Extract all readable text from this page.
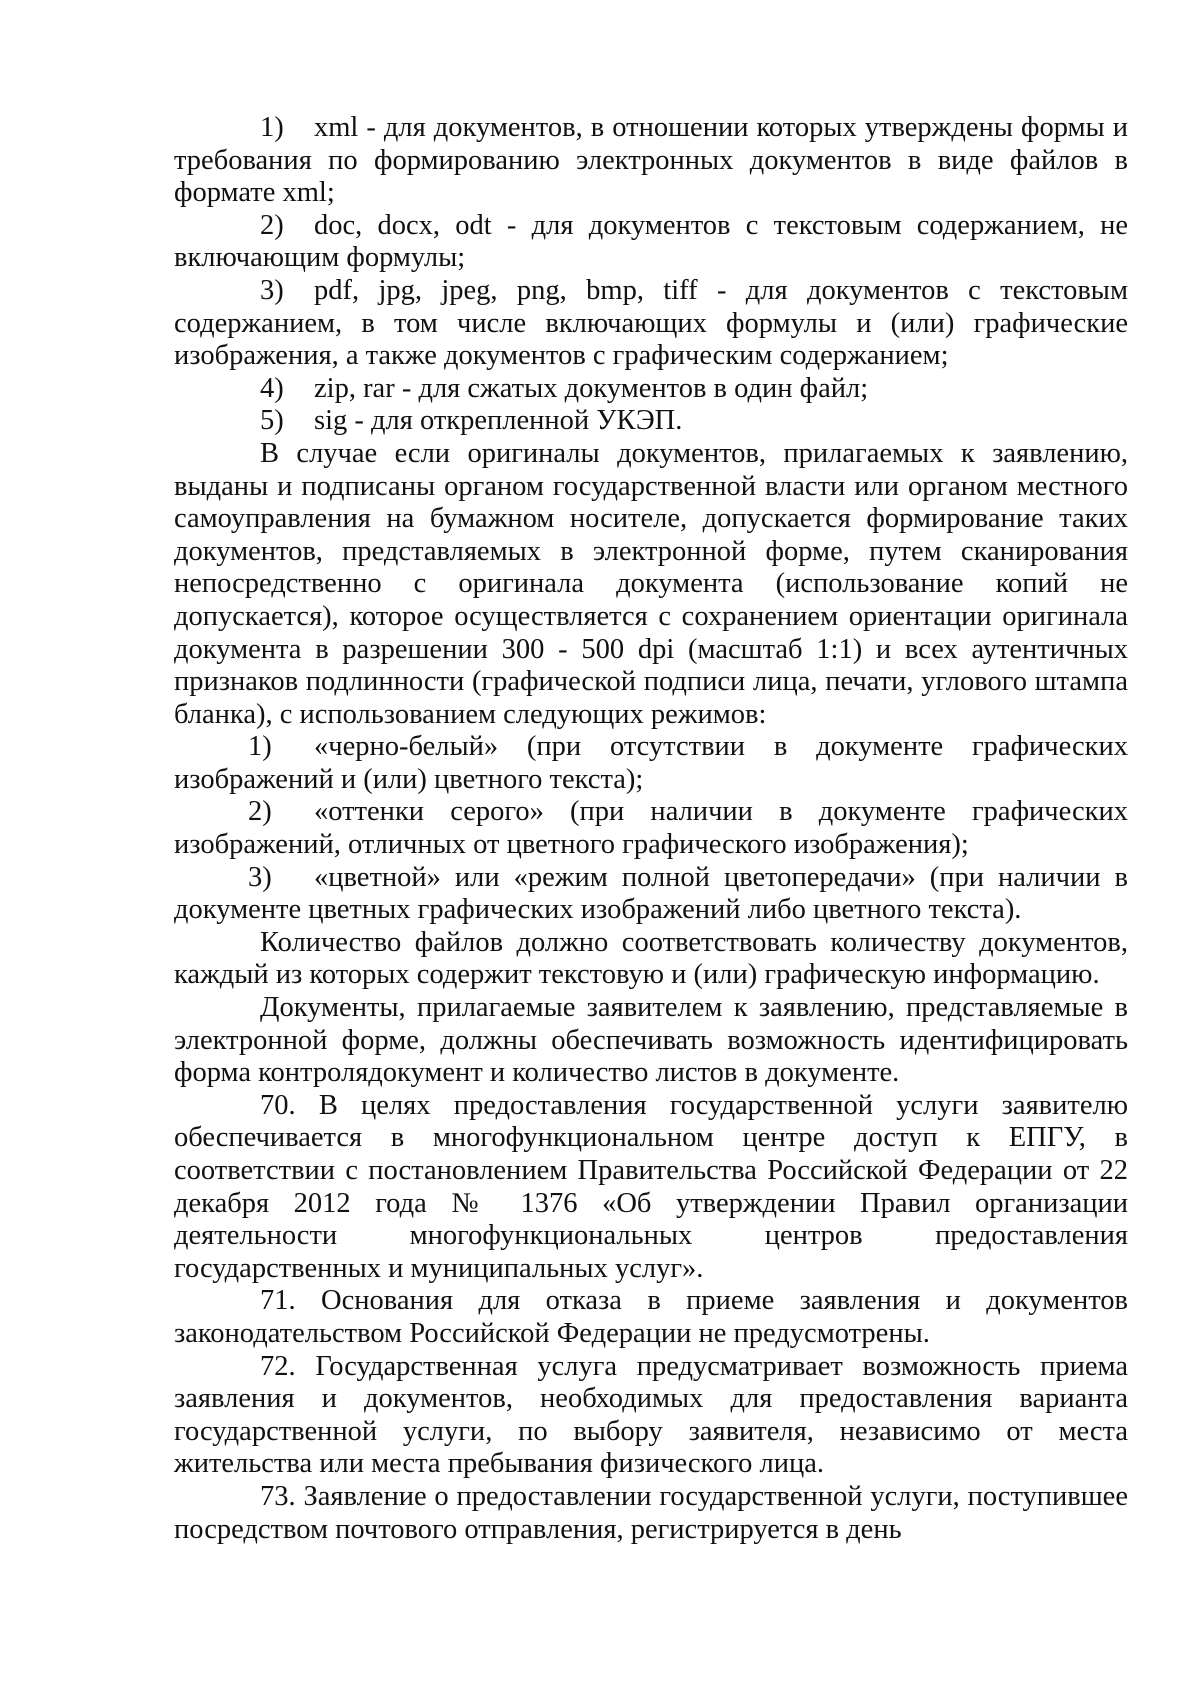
1) xml - для документов, в отношении которых утверждены формы и требования по формированию электронных документов в виде файлов в формате xml;

2) doc, docx, odt - для документов с текстовым содержанием, не включающим формулы;

3) pdf, jpg, jpeg, png, bmp, tiff - для документов с текстовым содержанием, в том числе включающих формулы и (или) графические изображения, а также документов с графическим содержанием;

4) zip, rar - для сжатых документов в один файл;

5) sig - для открепленной УКЭП.

В случае если оригиналы документов, прилагаемых к заявлению, выданы и подписаны органом государственной власти или органом местного самоуправления на бумажном носителе, допускается формирование таких документов, представляемых в электронной форме, путем сканирования непосредственно с оригинала документа (использование копий не допускается), которое осуществляется с сохранением ориентации оригинала документа в разрешении 300 - 500 dpi (масштаб 1:1) и всех аутентичных признаков подлинности (графической подписи лица, печати, углового штампа бланка), с использованием следующих режимов:

1) «черно-белый» (при отсутствии в документе графических изображений и (или) цветного текста);

2) «оттенки серого» (при наличии в документе графических изображений, отличных от цветного графического изображения);

3) «цветной» или «режим полной цветопередачи» (при наличии в документе цветных графических изображений либо цветного текста).

Количество файлов должно соответствовать количеству документов, каждый из которых содержит текстовую и (или) графическую информацию.

Документы, прилагаемые заявителем к заявлению, представляемые в электронной форме, должны обеспечивать возможность идентифицировать форма контролядокумент и количество листов в документе.

70. В целях предоставления государственной услуги заявителю обеспечивается в многофункциональном центре доступ к ЕПГУ, в соответствии с постановлением Правительства Российской Федерации от 22 декабря 2012 года № 1376 «Об утверждении Правил организации деятельности многофункциональных центров предоставления государственных и муниципальных услуг».

71. Основания для отказа в приеме заявления и документов законодательством Российской Федерации не предусмотрены.

72. Государственная услуга предусматривает возможность приема заявления и документов, необходимых для предоставления варианта государственной услуги, по выбору заявителя, независимо от места жительства или места пребывания физического лица.

73. Заявление о предоставлении государственной услуги, поступившее посредством почтового отправления, регистрируется в день
